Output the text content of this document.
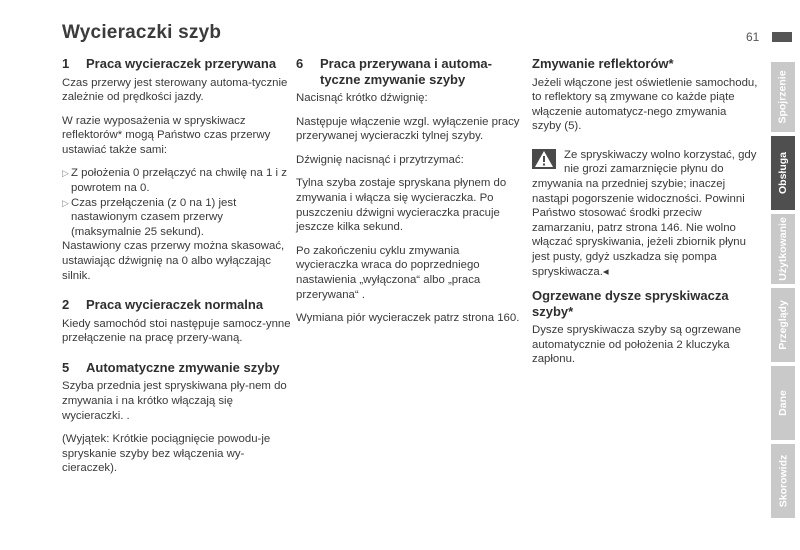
Wycieraczki szyb	61
1	Praca wycieraczek przerywana

Czas przerwy jest sterowany automa-tycznie zależnie od prędkości jazdy.

W razie wyposażenia w spryskiwacz reflektorów* mogą Państwo czas przerwy ustawiać także sami:

▷ Z położenia 0 przełączyć na chwilę na 1 i z powrotem na 0.
▷ Czas przełączenia (z 0 na 1) jest nastawionym czasem przerwy (maksymalnie 25 sekund).

Nastawiony czas przerwy można skasować, ustawiając dźwignię na 0 albo wyłączając silnik.

2	Praca wycieraczek normalna

Kiedy samochód stoi następuje samocz-ynne przełączenie na pracę przery-waną.

5	Automatyczne zmywanie szyby

Szyba przednia jest spryskiwana pły-nem do zmywania i na krótko włączają się wycieraczki. .

(Wyjątek: Krótkie pociągnięcie powodu-je spryskanie szyby bez włączenia wy-cieraczek).

6	Praca przerywana i automa-tyczne zmywanie szyby

Nacisnąć krótko dźwignię:

Następuje włączenie wzgl. wyłączenie pracy przerywanej wycieraczki tylnej szyby.

Dźwignię nacisnąć i przytrzymać:

Tylna szyba zostaje spryskana płynem do zmywania i włącza się wycieraczka. Po puszczeniu dźwigni wycieraczka pracuje jeszcze kilka sekund.

Po zakończeniu cyklu zmywania wycieraczka wraca do poprzedniego nastawienia „wyłączona“ albo „praca przerywana“ .

Wymiana piór wycieraczek patrz strona 160.

Zmywanie reflektorów*

Jeżeli włączone jest oświetlenie samochodu, to reflektory są zmywane co każde piąte włączenie automatycz-nego zmywania szyby (5).

Ze spryskiwaczy wolno korzystać, gdy nie grozi zamarznięcie płynu do zmywania na przedniej szybie; inaczej nastąpi pogorszenie widoczności. Powinni Państwo stosować środki przeciw zamarzaniu, patrz strona 146. Nie wolno włączać spryskiwania, jeżeli zbiornik płynu jest pusty, gdyż uszkadza się pompa spryskiwacza.◂
Ogrzewane dysze spryskiwacza szyby*

Dysze spryskiwacza szyby są ogrzewane automatycznie od położenia 2 kluczyka zapłonu.

Spojrzenie
Obsługa
Użytkowanie
Przeglądy
Dane
Skorowidz
